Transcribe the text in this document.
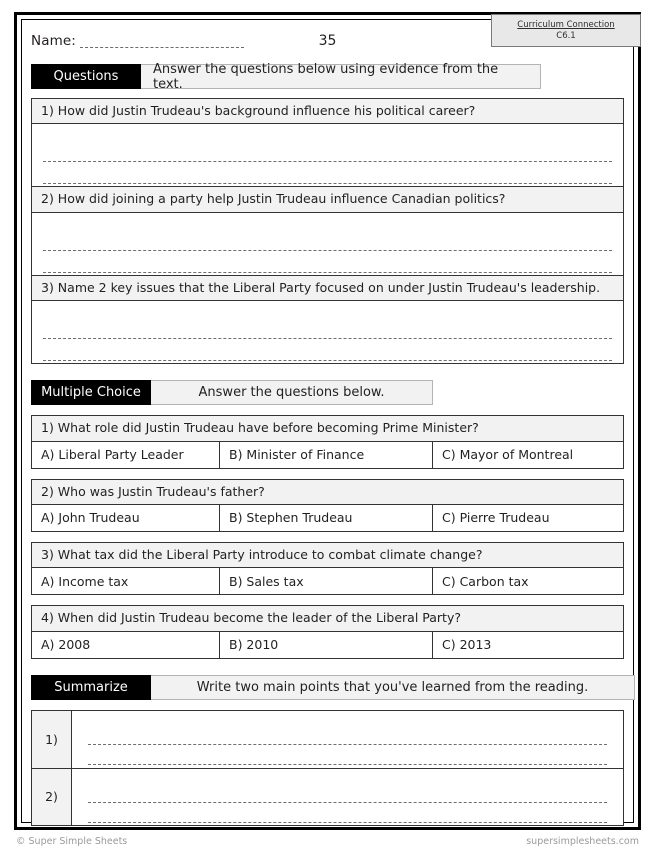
Name:	35
Questions	Answer the questions below using evidence from the text.
1) How did Justin Trudeau's background influence his political career?
2) How did joining a party help Justin Trudeau influence Canadian politics?
3) Name 2 key issues that the Liberal Party focused on under Justin Trudeau's leadership.
Multiple Choice	Answer the questions below.
1) What role did Justin Trudeau have before becoming Prime Minister?
A) Liberal Party Leader	B) Minister of Finance	C) Mayor of Montreal
2) Who was Justin Trudeau's father?
A) John Trudeau	B) Stephen Trudeau	C) Pierre Trudeau
3) What tax did the Liberal Party introduce to combat climate change?
A) Income tax	B) Sales tax	C) Carbon tax
4) When did Justin Trudeau become the leader of the Liberal Party?
A) 2008	B) 2010	C) 2013
Summarize	Write two main points that you've learned from the reading.
1)
2)
Curriculum Connection
C6.1
© Super Simple Sheets	supersimplesheets.com
